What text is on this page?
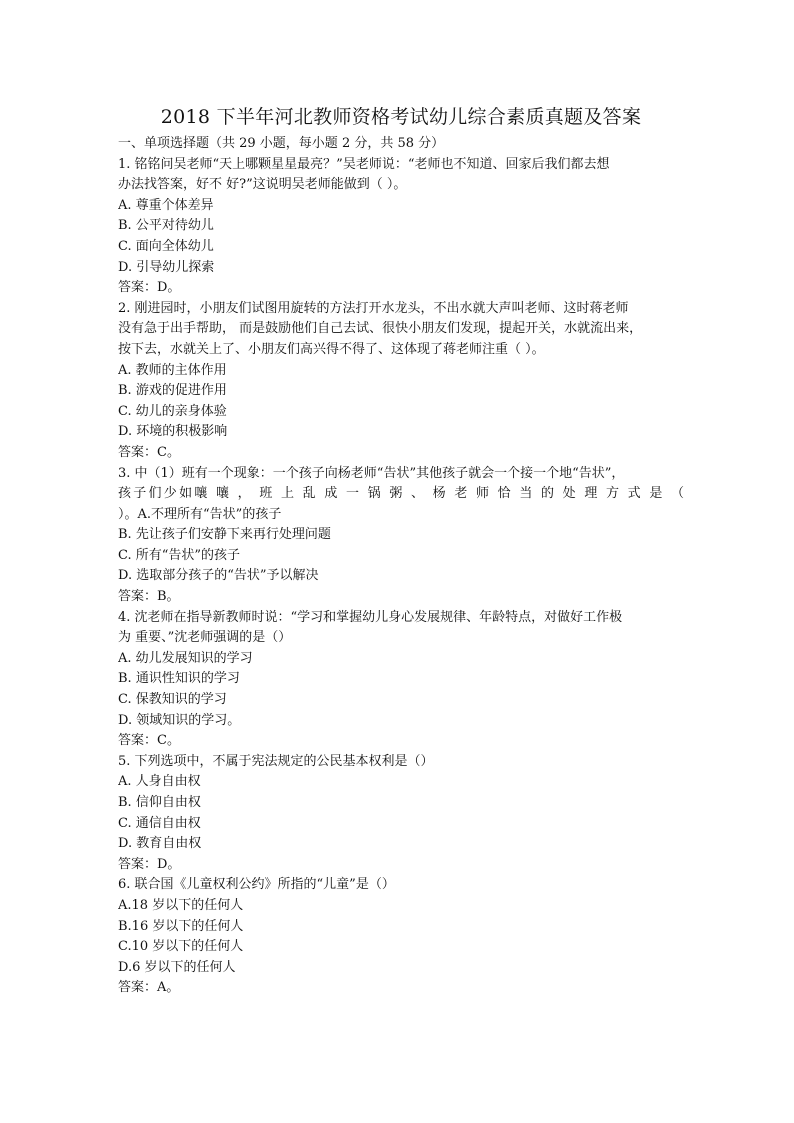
2018 下半年河北教师资格考试幼儿综合素质真题及答案
一、单项选择题（共 29 小题，每小题 2 分，共 58 分）
1. 铭铭问吴老师“天上哪颗星星最亮？”吴老师说：“老师也不知道、回家后我们都去想
办法找答案，好不 好?”这说明吴老师能做到（ ）。
A. 尊重个体差异
B. 公平对待幼儿
C. 面向全体幼儿
D. 引导幼儿探索
答案：D。
2. 刚进园时，小朋友们试图用旋转的方法打开水龙头，不出水就大声叫老师、这时蒋老师
没有急于出手帮助， 而是鼓励他们自己去试、很快小朋友们发现，提起开关，水就流出来，
按下去，水就关上了、小朋友们高兴得不得了、这体现了蒋老师注重（ ）。
A. 教师的主体作用
B. 游戏的促进作用
C. 幼儿的亲身体验
D. 环境的积极影响
答案：C。
3. 中（1）班有一个现象：一个孩子向杨老师“告状”其他孩子就会一个接一个地“告状”，
孩子们少如嚷 嚷 ， 班 上 乱 成 一 锅 粥 、 杨 老 师 恰 当 的 处 理 方 式 是 （
）。A.不理所有“告状”的孩子
B. 先让孩子们安静下来再行处理问题
C. 所有“告状”的孩子
D. 选取部分孩子的“告状”予以解决
答案：B。
4. 沈老师在指导新教师时说：“学习和掌握幼儿身心发展规律、年龄特点，对做好工作极
为 重要、”沈老师强调的是（）
A. 幼儿发展知识的学习
B. 通识性知识的学习
C. 保教知识的学习
D. 领域知识的学习。
答案：C。
5. 下列选项中，不属于宪法规定的公民基本权利是（）
A. 人身自由权
B. 信仰自由权
C. 通信自由权
D. 教育自由权
答案：D。
6. 联合国《儿童权利公约》所指的“儿童”是（）
A.18 岁以下的任何人
B.16 岁以下的任何人
C.10 岁以下的任何人
D.6 岁以下的任何人
答案：A。
